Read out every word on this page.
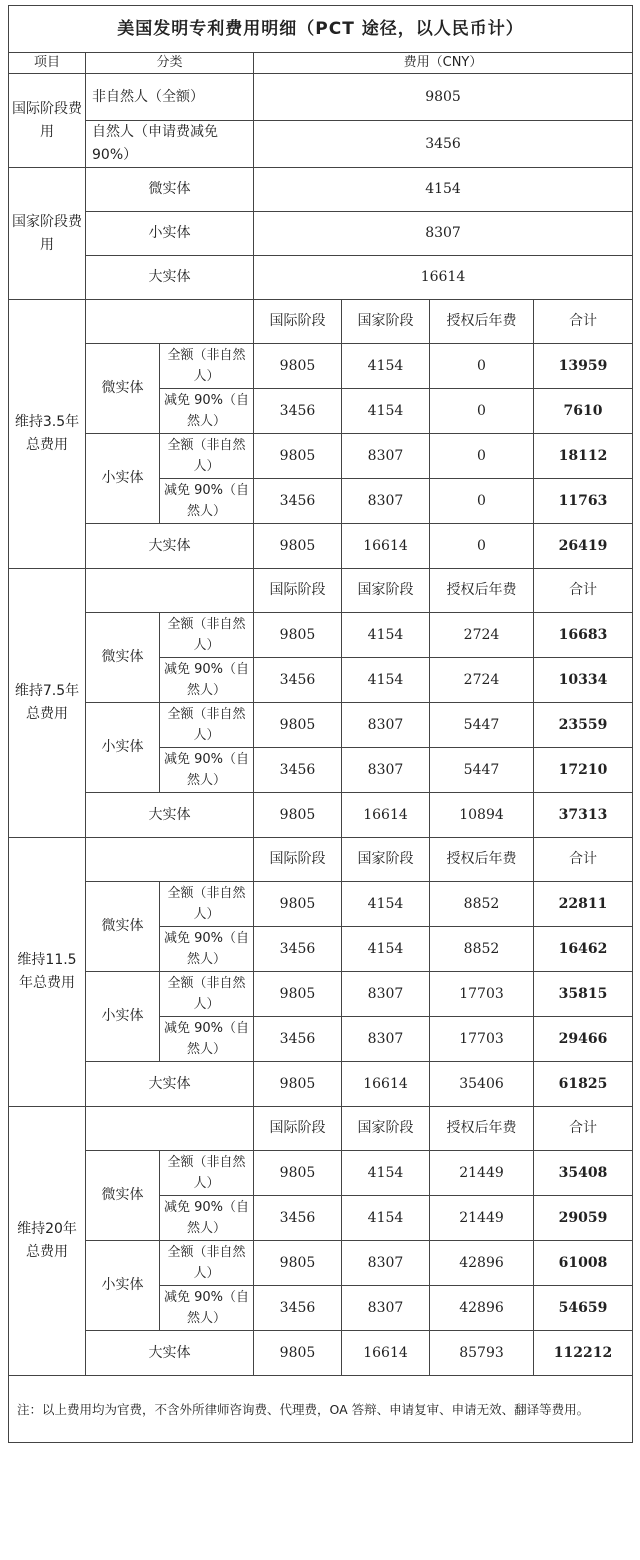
美国发明专利费用明细（PCT 途径，以人民币计）						
项目	分类		费用（CNY）			
国际阶段费用	非自然人（全额）		9805			
	自然人（申请费减免 90%）		3456			
国家阶段费用	微实体		4154			
	小实体		8307			
	大实体		16614			
维持3.5年总费用			国际阶段	国家阶段	授权后年费	合计
	微实体	全额（非自然人）	9805	4154	0	13959
		减免 90%（自然人）	3456	4154	0	7610
	小实体	全额（非自然人）	9805	8307	0	18112
		减免 90%（自然人）	3456	8307	0	11763
	大实体		9805	16614	0	26419
维持7.5年总费用			国际阶段	国家阶段	授权后年费	合计
	微实体	全额（非自然人）	9805	4154	2724	16683
		减免 90%（自然人）	3456	4154	2724	10334
	小实体	全额（非自然人）	9805	8307	5447	23559
		减免 90%（自然人）	3456	8307	5447	17210
	大实体		9805	16614	10894	37313
维持11.5年总费用			国际阶段	国家阶段	授权后年费	合计
	微实体	全额（非自然人）	9805	4154	8852	22811
		减免 90%（自然人）	3456	4154	8852	16462
	小实体	全额（非自然人）	9805	8307	17703	35815
		减免 90%（自然人）	3456	8307	17703	29466
	大实体		9805	16614	35406	61825
维持20年总费用			国际阶段	国家阶段	授权后年费	合计
	微实体	全额（非自然人）	9805	4154	21449	35408
		减免 90%（自然人）	3456	4154	21449	29059
	小实体	全额（非自然人）	9805	8307	42896	61008
		减免 90%（自然人）	3456	8307	42896	54659
	大实体		9805	16614	85793	112212
注：以上费用均为官费，不含外所律师咨询费、代理费，OA 答辩、申请复审、申请无效、翻译等费用。						
